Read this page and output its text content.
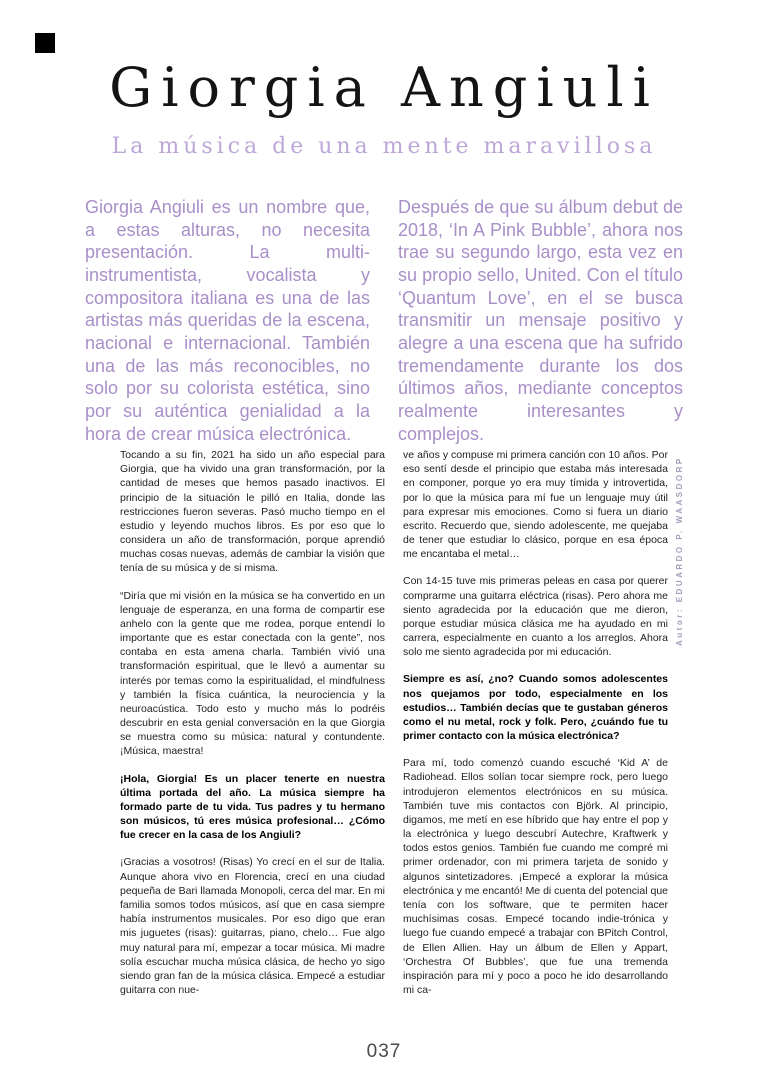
Giorgia Angiuli
La música de una mente maravillosa
Giorgia Angiuli es un nombre que, a estas alturas, no necesita presentación. La multi-instrumentista, vocalista y compositora italiana es una de las artistas más queridas de la escena, nacional e internacional. También una de las más reconocibles, no solo por su colorista estética, sino por su auténtica genialidad a la hora de crear música electrónica.
Después de que su álbum debut de 2018, ‘In A Pink Bubble’, ahora nos trae su segundo largo, esta vez en su propio sello, United. Con el título ‘Quantum Love’, en el se busca transmitir un mensaje positivo y alegre a una escena que ha sufrido tremendamente durante los dos últimos años, mediante conceptos realmente interesantes y complejos.

Tocando a su fin, 2021 ha sido un año especial para Giorgia, que ha vivido una gran transformación, por la cantidad de meses que hemos pasado inactivos. El principio de la situación le pilló en Italia, donde las restricciones fueron severas. Pasó mucho tiempo en el estudio y leyendo muchos libros. Es por eso que lo considera un año de transformación, porque aprendió muchas cosas nuevas, además de cambiar la visión que tenía de su música y de si misma.

“Diría que mi visión en la música se ha convertido en un lenguaje de esperanza, en una forma de compartir ese anhelo con la gente que me rodea, porque entendí lo importante que es estar conectada con la gente”, nos contaba en esta amena charla. También vivió una transformación espiritual, que le llevó a aumentar su interés por temas como la espiritualidad, el mindfulness y también la física cuántica, la neurociencia y la neuroacústica. Todo esto y mucho más lo podréis descubrir en esta genial conversación en la que Giorgia se muestra como su música: natural y contundente. ¡Música, maestra!

¡Hola, Giorgia! Es un placer tenerte en nuestra última portada del año. La música siempre ha formado parte de tu vida. Tus padres y tu hermano son músicos, tú eres música profesional… ¿Cómo fue crecer en la casa de los Angiuli?

¡Gracias a vosotros! (Risas) Yo crecí en el sur de Italia. Aunque ahora vivo en Florencia, crecí en una ciudad pequeña de Bari llamada Monopoli, cerca del mar. En mi familia somos todos músicos, así que en casa siempre había instrumentos musicales. Por eso digo que eran mis juguetes (risas): guitarras, piano, chelo… Fue algo muy natural para mí, empezar a tocar música. Mi madre solía escuchar mucha música clásica, de hecho yo sigo siendo gran fan de la música clásica. Empecé a estudiar guitarra con nue-

ve años y compuse mi primera canción con 10 años. Por eso sentí desde el principio que estaba más interesada en componer, porque yo era muy tímida y introvertida, por lo que la música para mí fue un lenguaje muy útil para expresar mis emociones. Como si fuera un diario escrito. Recuerdo que, siendo adolescente, me quejaba de tener que estudiar lo clásico, porque en esa época me encantaba el metal…

Con 14-15 tuve mis primeras peleas en casa por querer comprarme una guitarra eléctrica (risas). Pero ahora me siento agradecida por la educación que me dieron, porque estudiar música clásica me ha ayudado en mi carrera, especialmente en cuanto a los arreglos. Ahora solo me siento agradecida por mi educación.

Siempre es así, ¿no? Cuando somos adolescentes nos quejamos por todo, especialmente en los estudios… También decías que te gustaban géneros como el nu metal, rock y folk. Pero, ¿cuándo fue tu primer contacto con la música electrónica?

Para mí, todo comenzó cuando escuché ‘Kid A’ de Radiohead. Ellos solían tocar siempre rock, pero luego introdujeron elementos electrónicos en su música. También tuve mis contactos con Björk. Al principio, digamos, me metí en ese híbrido que hay entre el pop y la electrónica y luego descubrí Autechre, Kraftwerk y todos estos genios. También fue cuando me compré mi primer ordenador, con mi primera tarjeta de sonido y algunos sintetizadores. ¡Empecé a explorar la música electrónica y me encantó! Me di cuenta del potencial que tenía con los software, que te permiten hacer muchísimas cosas. Empecé tocando indie-trónica y luego fue cuando empecé a trabajar con BPitch Control, de Ellen Allien. Hay un álbum de Ellen y Appart, ‘Orchestra Of Bubbles’, que fue una tremenda inspiración para mí y poco a poco he ido desarrollando mi ca-

Autor: EDUARDO P. WAASDORP
037
